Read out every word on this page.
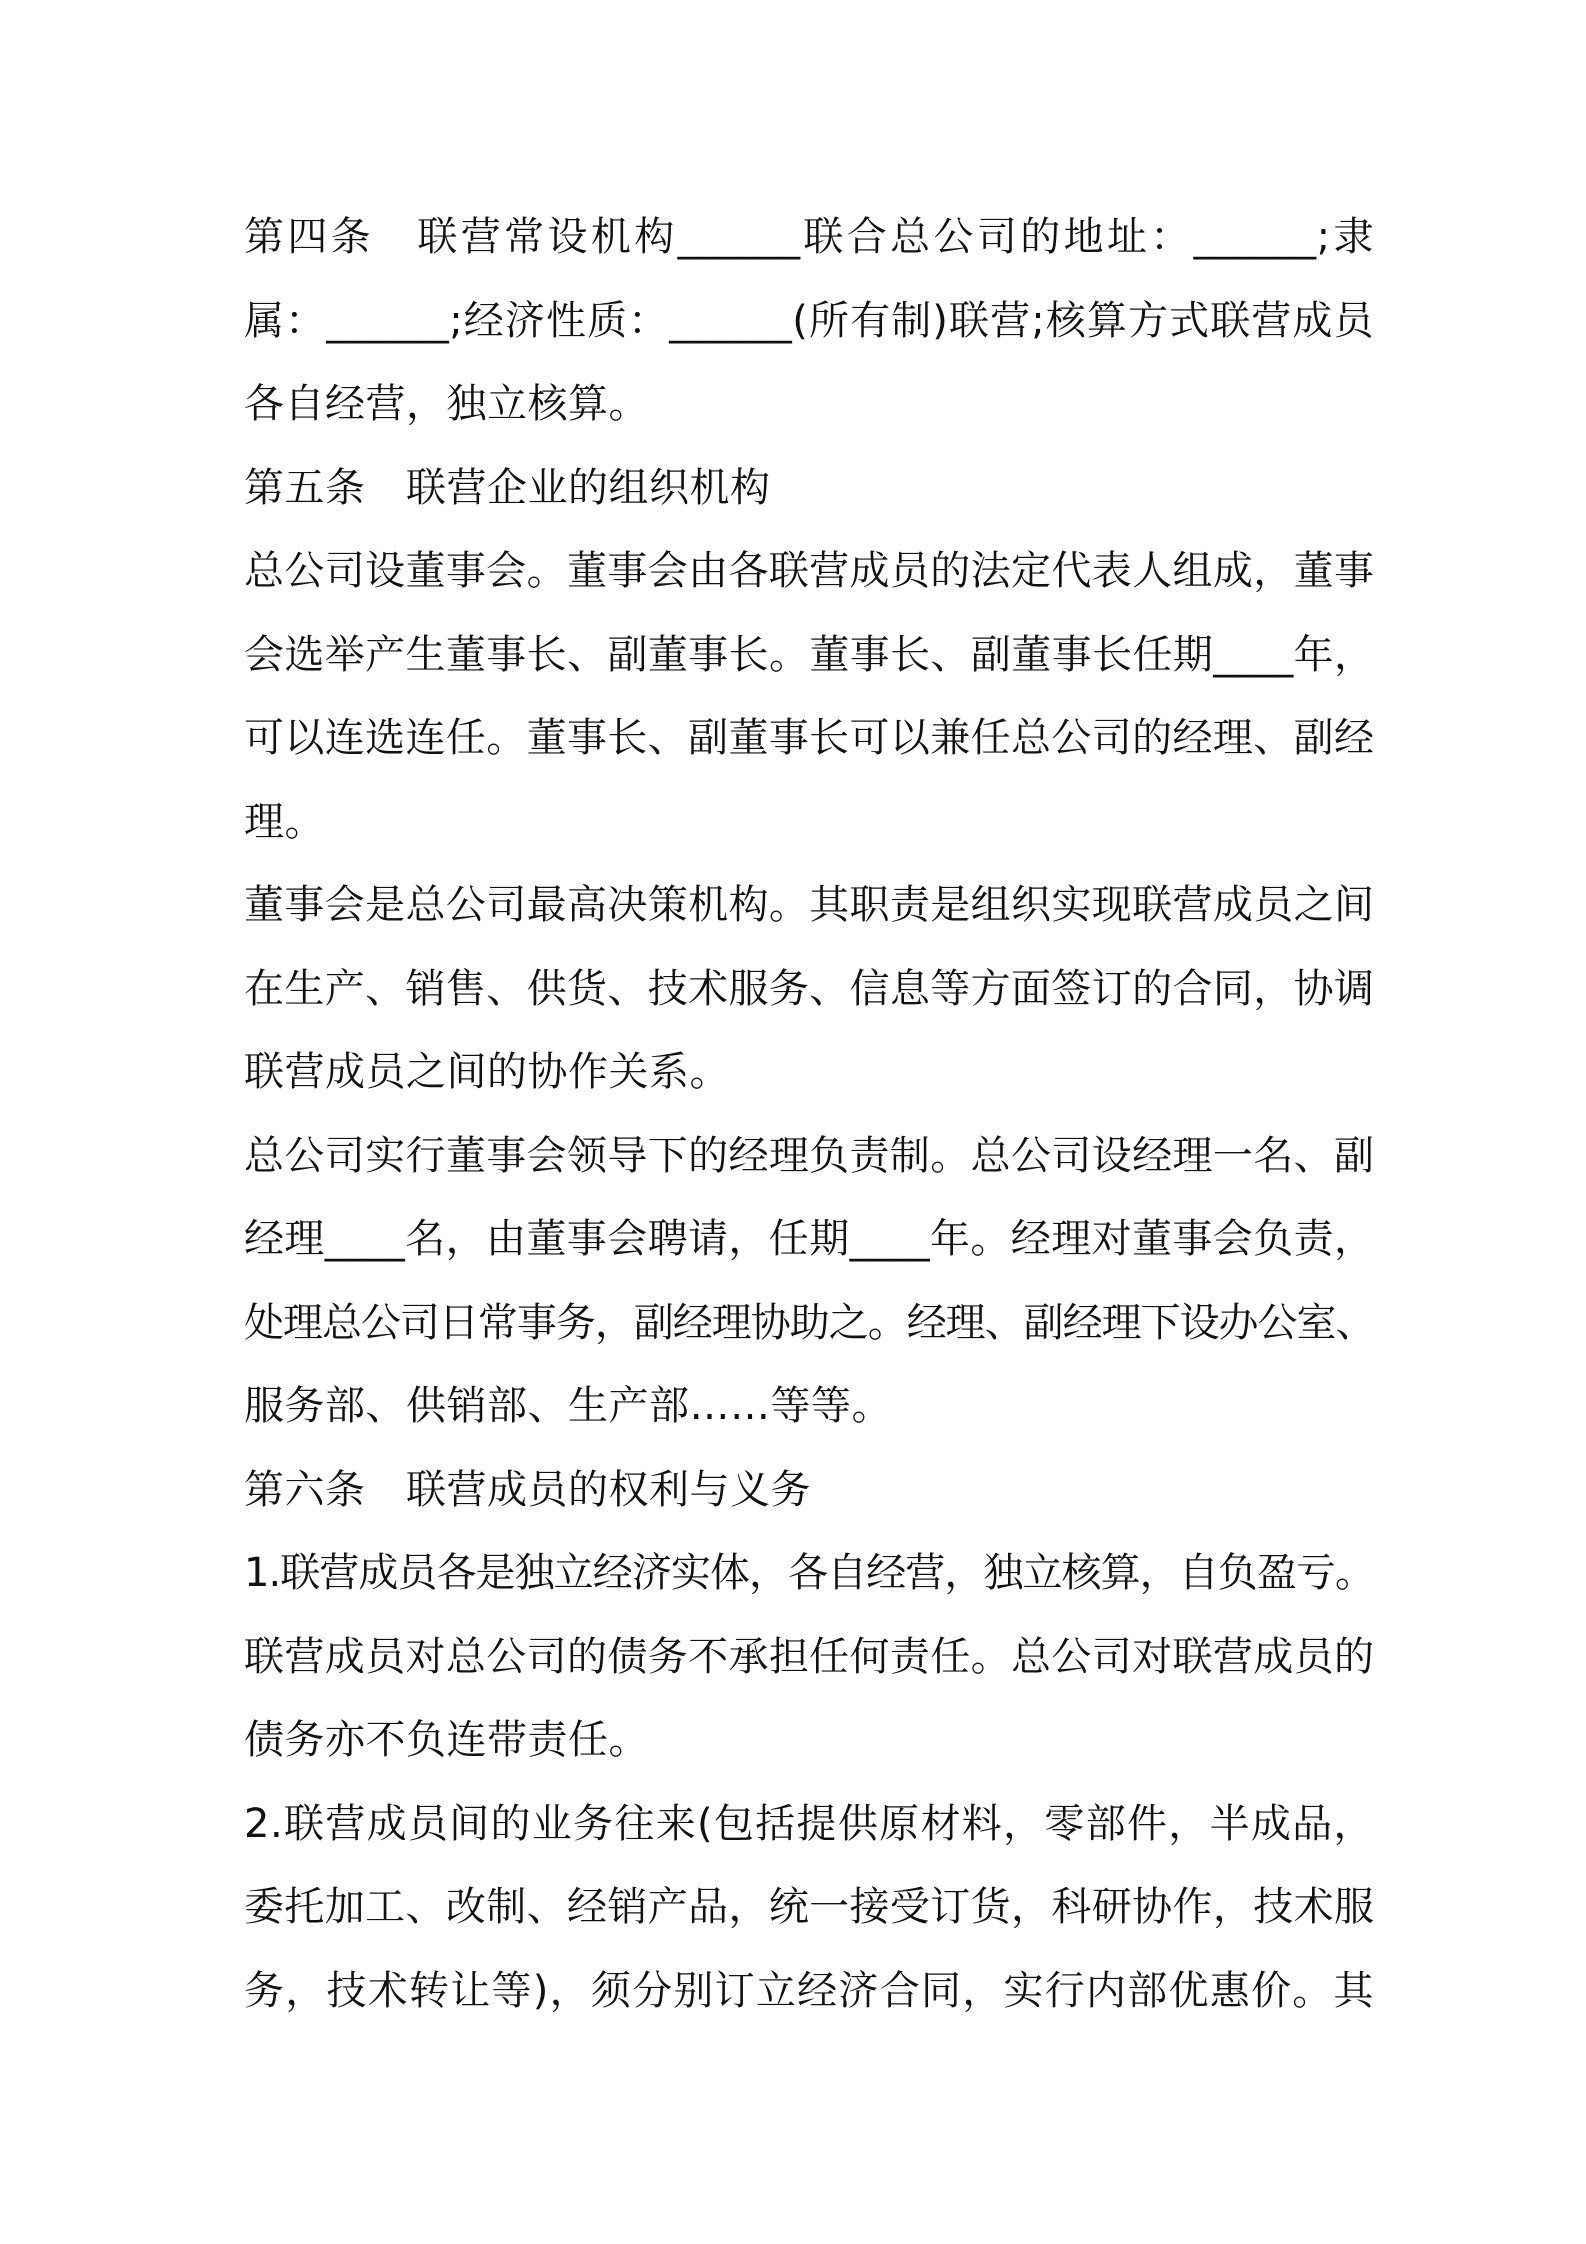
第四条　联营常设机构______联合总公司的地址：______;隶
属：______;经济性质：______(所有制)联营;核算方式联营成员
各自经营，独立核算。
第五条　联营企业的组织机构
总公司设董事会。董事会由各联营成员的法定代表人组成，董事
会选举产生董事长、副董事长。董事长、副董事长任期____年，
可以连选连任。董事长、副董事长可以兼任总公司的经理、副经
理。
董事会是总公司最高决策机构。其职责是组织实现联营成员之间
在生产、销售、供货、技术服务、信息等方面签订的合同，协调
联营成员之间的协作关系。
总公司实行董事会领导下的经理负责制。总公司设经理一名、副
经理____名，由董事会聘请，任期____年。经理对董事会负责，
处理总公司日常事务，副经理协助之。经理、副经理下设办公室、
服务部、供销部、生产部……等等。
第六条　联营成员的权利与义务
1.联营成员各是独立经济实体，各自经营，独立核算，自负盈亏。
联营成员对总公司的债务不承担任何责任。总公司对联营成员的
债务亦不负连带责任。
2.联营成员间的业务往来(包括提供原材料，零部件，半成品，
委托加工、改制、经销产品，统一接受订货，科研协作，技术服
务，技术转让等)，须分别订立经济合同，实行内部优惠价。其
